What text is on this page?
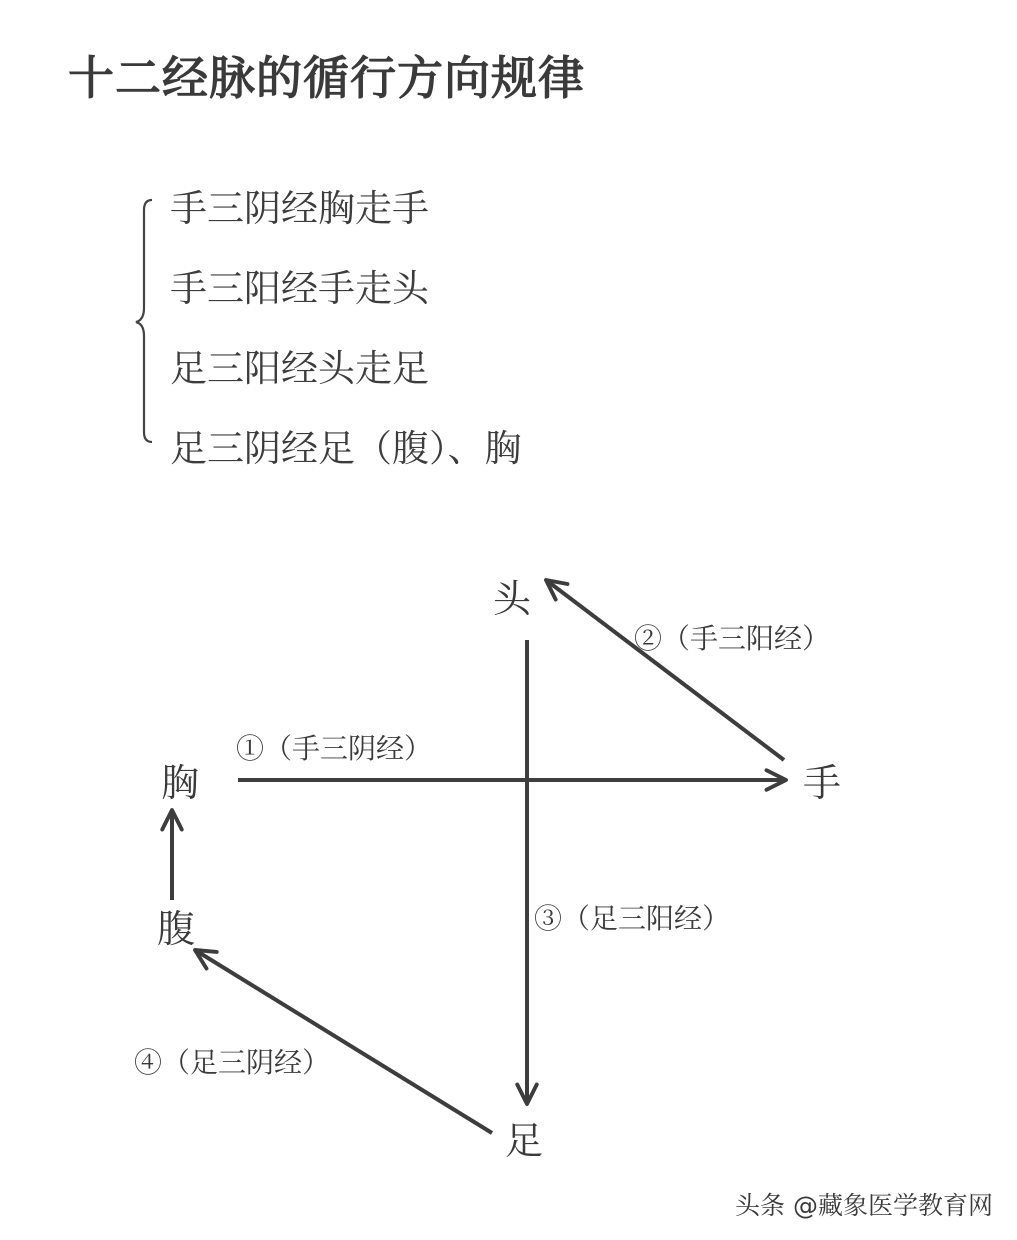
十二经脉的循行方向规律
手三阴经胸走手
手三阳经手走头
足三阳经头走足
足三阴经足（腹）、胸
头
胸	手
腹
足
①（手三阴经）
②（手三阳经）
③（足三阳经）
④（足三阴经）
头条 @藏象医学教育网
